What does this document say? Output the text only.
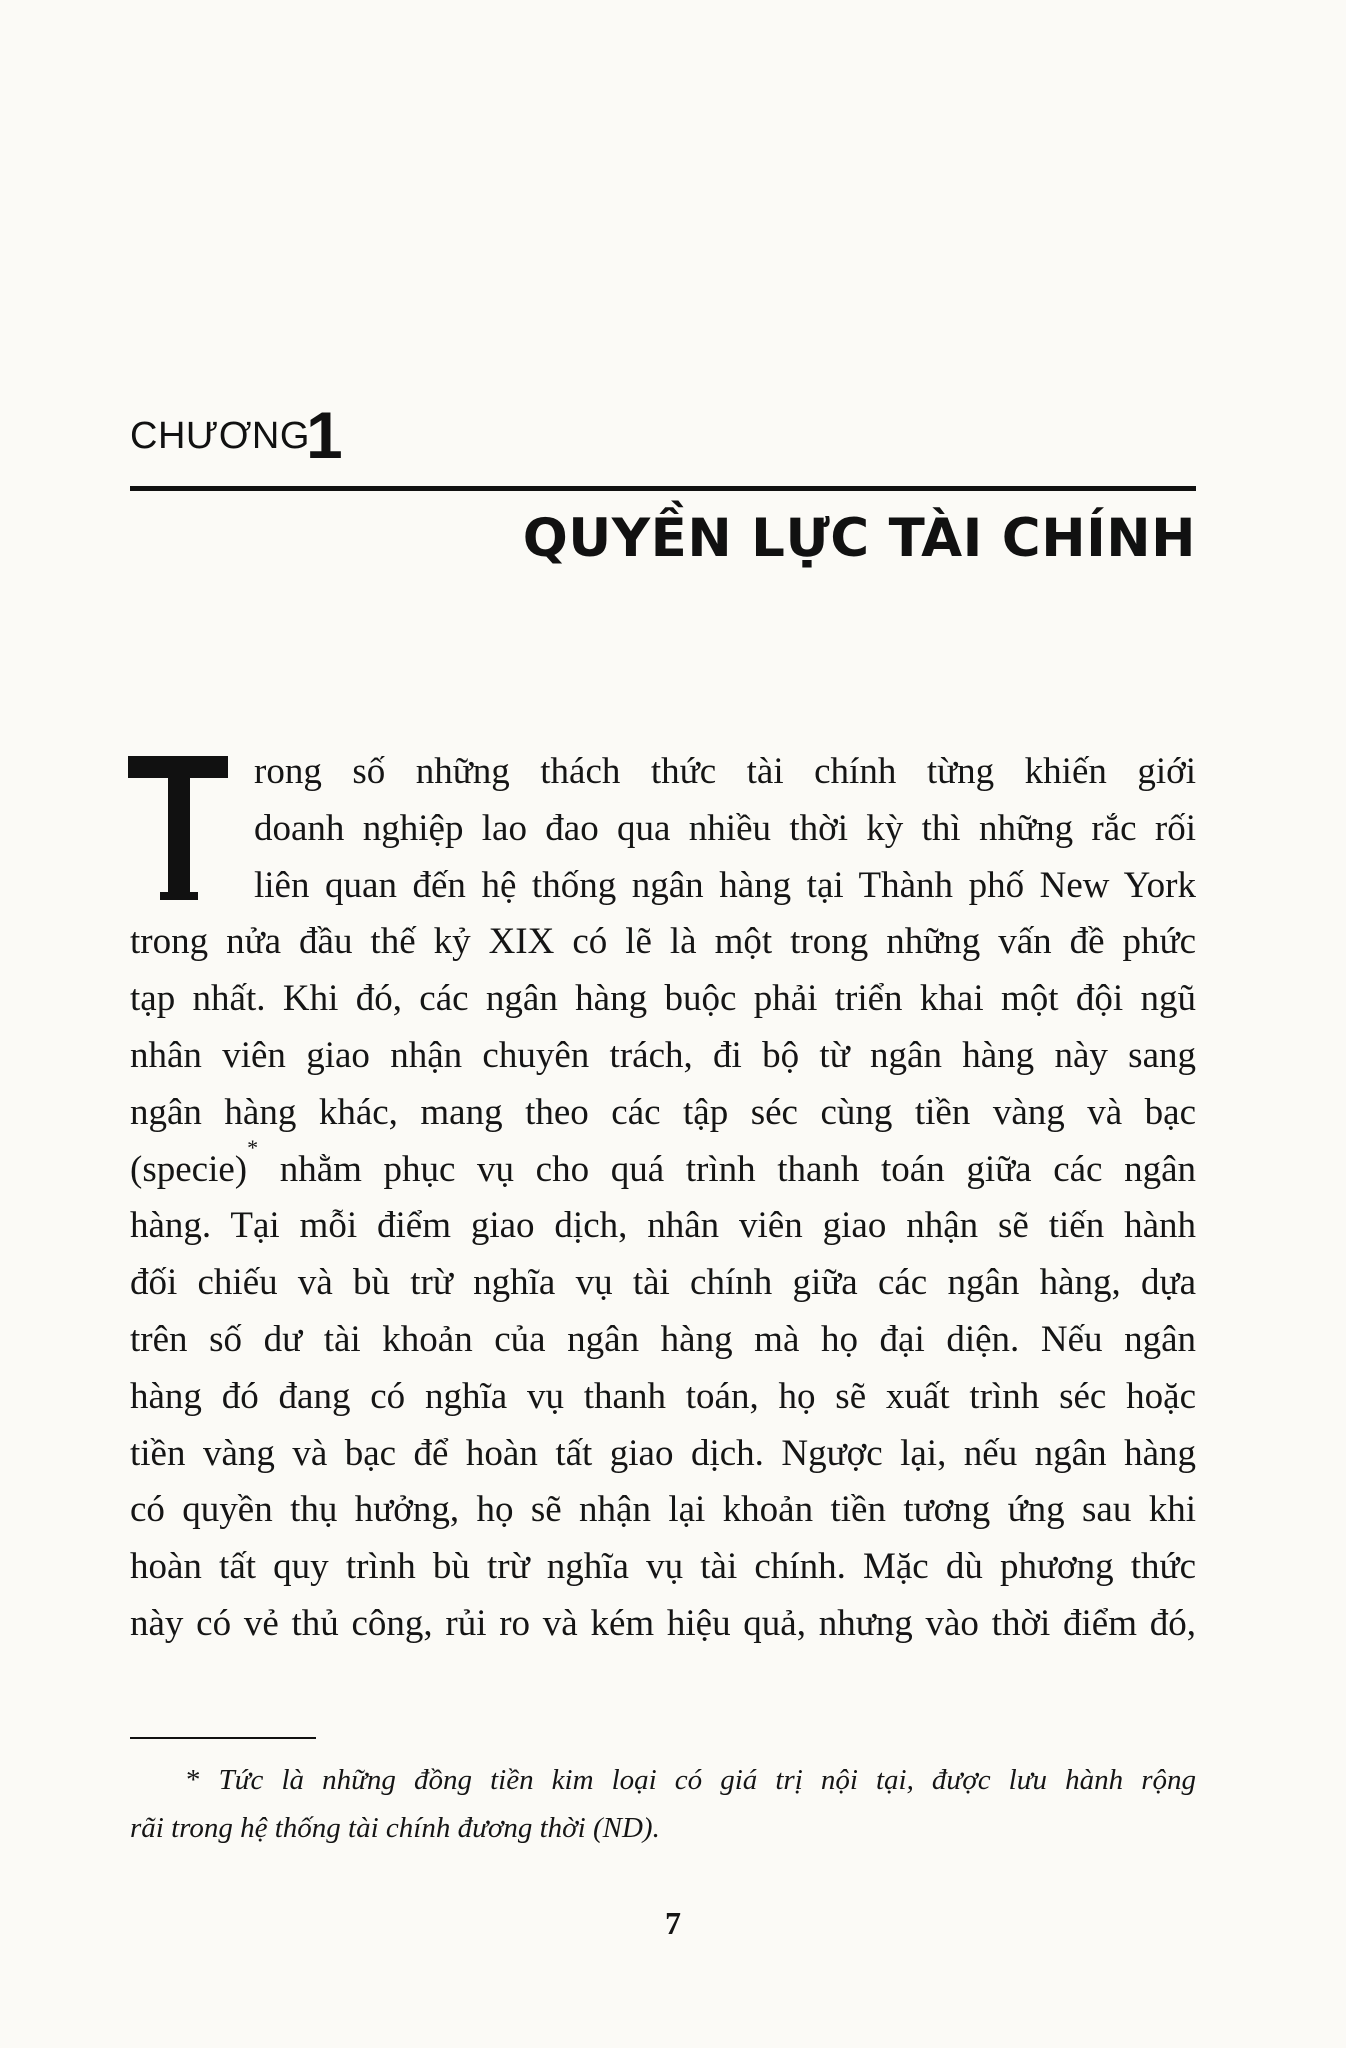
CHƯƠNG
1
QUYỀN LỰC TÀI CHÍNH
rong số những thách thức tài chính từng khiến giới
doanh nghiệp lao đao qua nhiều thời kỳ thì những rắc rối
liên quan đến hệ thống ngân hàng tại Thành phố New York
trong nửa đầu thế kỷ XIX có lẽ là một trong những vấn đề phức
tạp nhất. Khi đó, các ngân hàng buộc phải triển khai một đội ngũ
nhân viên giao nhận chuyên trách, đi bộ từ ngân hàng này sang
ngân hàng khác, mang theo các tập séc cùng tiền vàng và bạc
(specie)* nhằm phục vụ cho quá trình thanh toán giữa các ngân
hàng. Tại mỗi điểm giao dịch, nhân viên giao nhận sẽ tiến hành
đối chiếu và bù trừ nghĩa vụ tài chính giữa các ngân hàng, dựa
trên số dư tài khoản của ngân hàng mà họ đại diện. Nếu ngân
hàng đó đang có nghĩa vụ thanh toán, họ sẽ xuất trình séc hoặc
tiền vàng và bạc để hoàn tất giao dịch. Ngược lại, nếu ngân hàng
có quyền thụ hưởng, họ sẽ nhận lại khoản tiền tương ứng sau khi
hoàn tất quy trình bù trừ nghĩa vụ tài chính. Mặc dù phương thức
này có vẻ thủ công, rủi ro và kém hiệu quả, nhưng vào thời điểm đó,
* Tức là những đồng tiền kim loại có giá trị nội tại, được lưu hành rộng
rãi trong hệ thống tài chính đương thời (ND).
7
